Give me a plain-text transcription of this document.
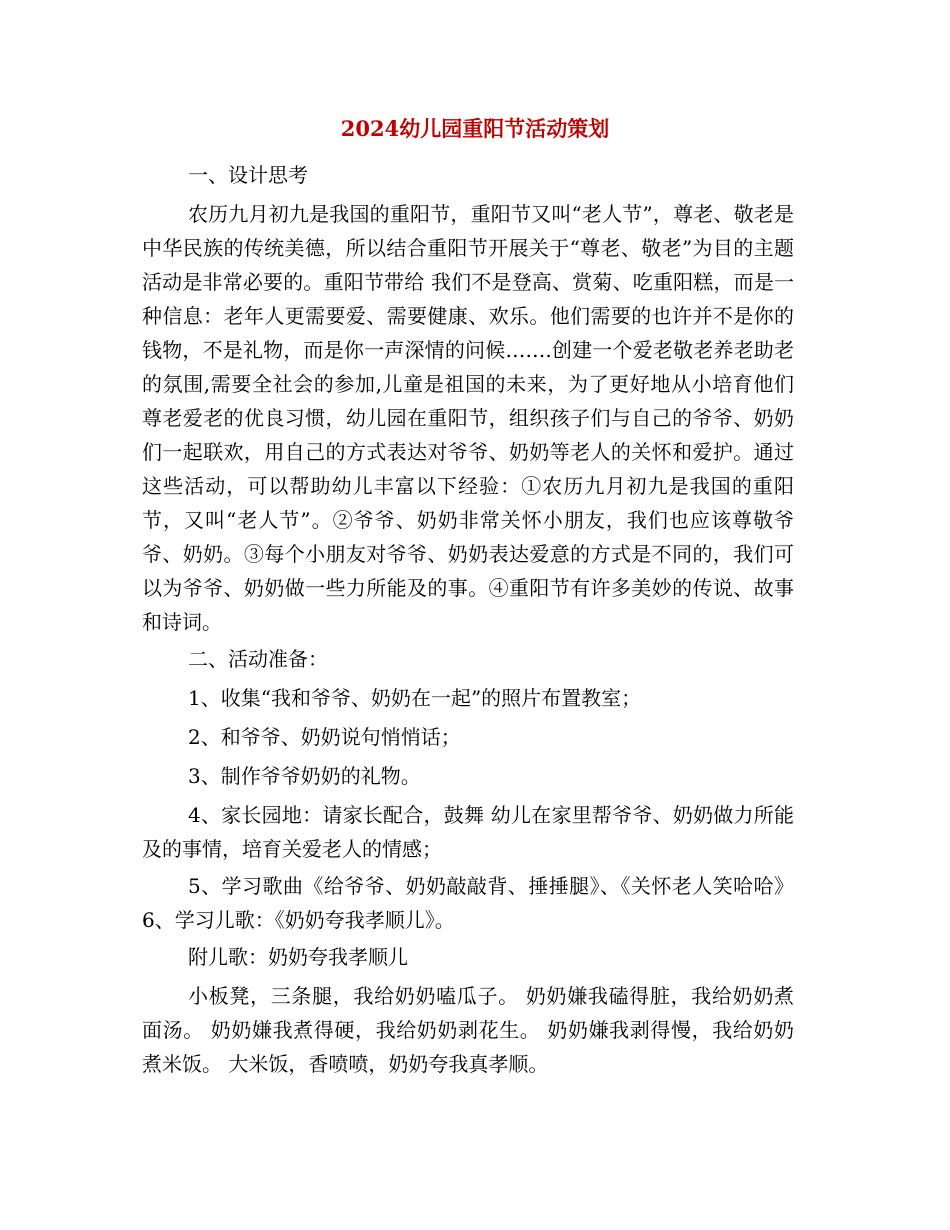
2024幼儿园重阳节活动策划

一、设计思考

农历九月初九是我国的重阳节，重阳节又叫“老人节”，尊老、敬老是中华民族的传统美德，所以结合重阳节开展关于“尊老、敬老”为目的主题活动是非常必要的。重阳节带给 我们不是登高、赏菊、吃重阳糕，而是一种信息：老年人更需要爱、需要健康、欢乐。他们需要的也许并不是你的钱物，不是礼物，而是你一声深情的问候…….创建一个爱老敬老养老助老的氛围,需要全社会的参加,儿童是祖国的未来，为了更好地从小培育他们尊老爱老的优良习惯，幼儿园在重阳节，组织孩子们与自己的爷爷、奶奶们一起联欢，用自己的方式表达对爷爷、奶奶等老人的关怀和爱护。通过这些活动，可以帮助幼儿丰富以下经验：①农历九月初九是我国的重阳节，又叫“老人节”。②爷爷、奶奶非常关怀小朋友，我们也应该尊敬爷爷、奶奶。③每个小朋友对爷爷、奶奶表达爱意的方式是不同的，我们可以为爷爷、奶奶做一些力所能及的事。④重阳节有许多美妙的传说、故事和诗词。

二、活动准备：

1、收集“我和爷爷、奶奶在一起”的照片布置教室；

2、和爷爷、奶奶说句悄悄话；

3、制作爷爷奶奶的礼物。

4、家长园地：请家长配合，鼓舞 幼儿在家里帮爷爷、奶奶做力所能及的事情，培育关爱老人的情感；

5、学习歌曲《给爷爷、奶奶敲敲背、捶捶腿》、《关怀老人笑哈哈》6、学习儿歌：《奶奶夸我孝顺儿》。

附儿歌：奶奶夸我孝顺儿

小板凳，三条腿，我给奶奶嗑瓜子。 奶奶嫌我磕得脏，我给奶奶煮面汤。 奶奶嫌我煮得硬，我给奶奶剥花生。 奶奶嫌我剥得慢，我给奶奶煮米饭。 大米饭，香喷喷，奶奶夸我真孝顺。
